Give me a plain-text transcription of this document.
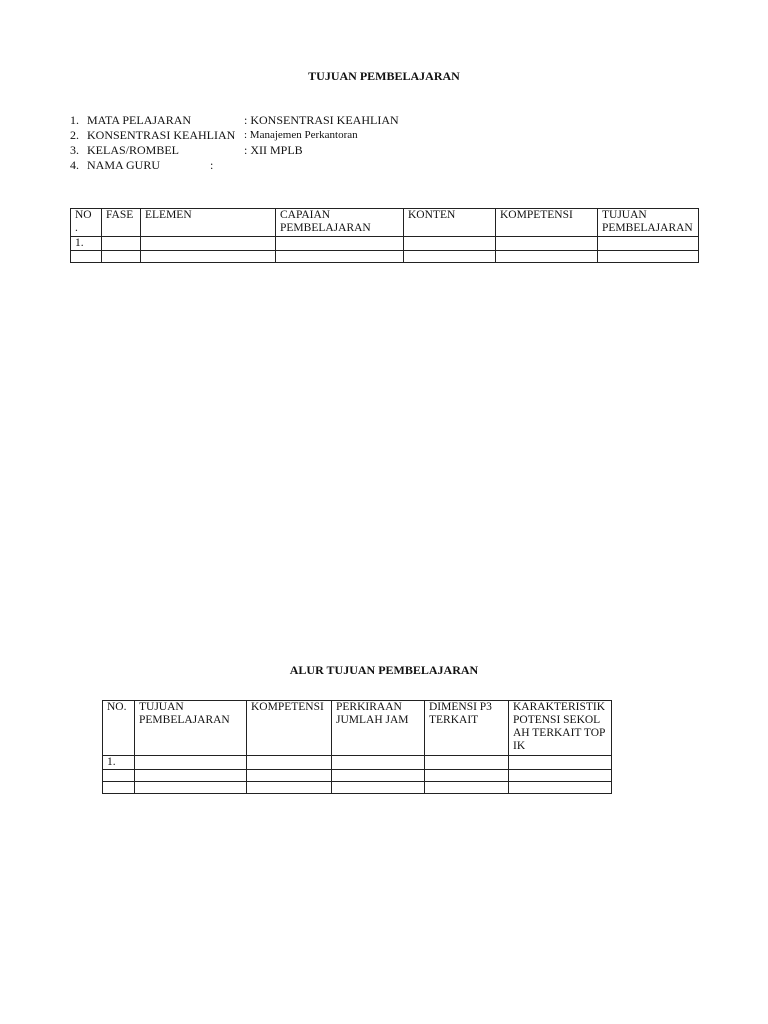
TUJUAN PEMBELAJARAN
1. MATA PELAJARAN	: KONSENTRASI KEAHLIAN
2. KONSENTRASI KEAHLIAN : Manajemen Perkantoran
3. KELAS/ROMBEL	: XII MPLB
4. NAMA GURU	:
NO .	FASE	ELEMEN	CAPAIAN PEMBELAJARAN	KONTEN	KOMPETENSI	TUJUAN PEMBELAJARAN
1.						

ALUR TUJUAN PEMBELAJARAN
NO.	TUJUAN PEMBELAJARAN	KOMPETENSI	PERKIRAAN JUMLAH JAM	DIMENSI P3 TERKAIT	KARAKTERISTIK POTENSI SEKOLAH TERKAIT TOPIK
1.					
